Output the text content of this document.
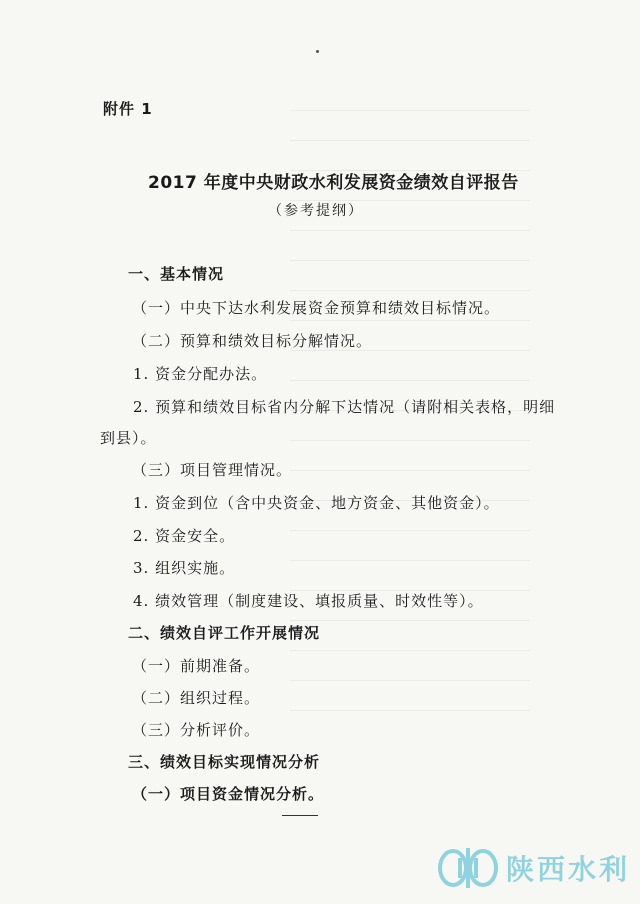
附件 1
2017 年度中央财政水利发展资金绩效自评报告
（参考提纲）
一、基本情况
（一）中央下达水利发展资金预算和绩效目标情况。
（二）预算和绩效目标分解情况。
1. 资金分配办法。
2. 预算和绩效目标省内分解下达情况（请附相关表格，明细
到县）。
（三）项目管理情况。
1. 资金到位（含中央资金、地方资金、其他资金）。
2. 资金安全。
3. 组织实施。
4. 绩效管理（制度建设、填报质量、时效性等）。
二、绩效自评工作开展情况
（一）前期准备。
（二）组织过程。
（三）分析评价。
三、绩效目标实现情况分析
（一）项目资金情况分析。
陕西水利
